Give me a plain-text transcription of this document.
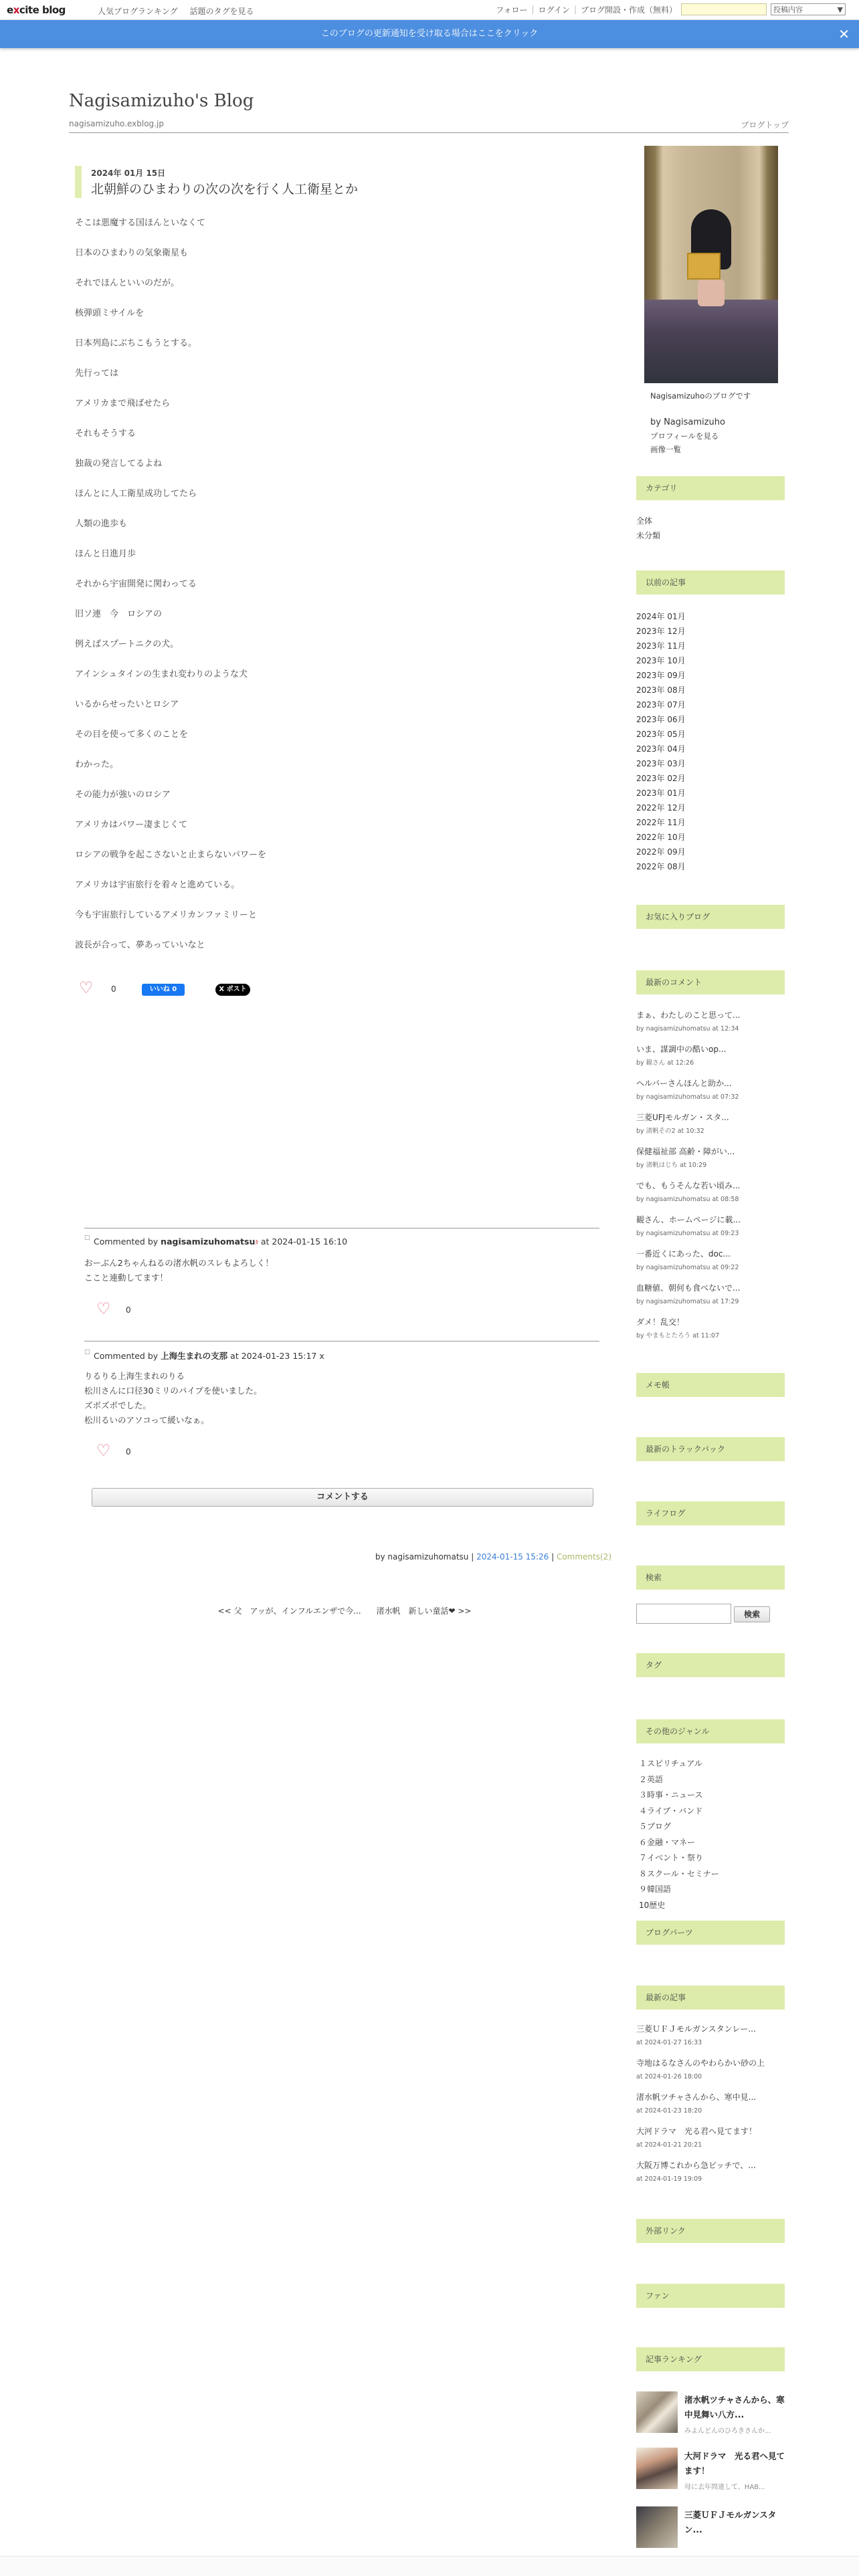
excite blog	人気ブログランキング 話題のタグを見る	フォロー | ログイン | ブログ開設・作成（無料）	投稿内容	▼
このブログの更新通知を受け取る場合はここをクリック	✕
Nagisamizuho's Blog
nagisamizuho.exblog.jp	ブログトップ
2024年 01月 15日
北朝鮮のひまわりの次の次を行く人工衛星とか

そこは悪魔する国ほんといなくて

日本のひまわりの気象衛星も

それでほんといいのだが。

核弾頭ミサイルを

日本列島にぶちこもうとする。

先行っては

アメリカまで飛ばせたら

それもそうする

独裁の発言してるよね

ほんとに人工衛星成功してたら

人類の進歩も

ほんと日進月歩

それから宇宙開発に関わってる

旧ソ連　今　ロシアの

例えばスプートニクの犬。

アインシュタインの生まれ変わりのような犬

いるからせったいとロシア

その目を使って多くのことを

わかった。

その能力が強いのロシア

アメリカはパワー凄まじくて

ロシアの戦争を起こさないと止まらないパワーを

アメリカは宇宙旅行を着々と進めている。

今も宇宙旅行しているアメリカンファミリーと

波長が合って、夢あっていいなと

♡ 0	いいね 0	X ポスト
□ Commented by nagisamizuhomatsuﾀ at 2024-01-15 16:10
おーぶん2ちゃんねるの渚水帆のスレもよろしく！
ここと連動してます！
♡ 0
□ Commented by 上海生まれの支那 at 2024-01-23 15:17 x
りるりる上海生まれのりる
松川さんに口径30ミリのパイプを使いました。
ズボズボでした。
松川るいのアソコって緩いなぁ。
♡ 0
コメントする
by nagisamizuhomatsu | 2024-01-15 15:26 | Comments(2)
<< 父　アッが、インフルエンザで今... 渚水帆　新しい童話❤ >>
Nagisamizuhoのブログです
by Nagisamizuho
プロフィールを見る
画像一覧
カテゴリ
全体
未分類
以前の記事
2024年 01月
2023年 12月
2023年 11月
2023年 10月
2023年 09月
2023年 08月
2023年 07月
2023年 06月
2023年 05月
2023年 04月
2023年 03月
2023年 02月
2023年 01月
2022年 12月
2022年 11月
2022年 10月
2022年 09月
2022年 08月
お気に入りブログ
最新のコメント
まぁ、わたしのこと思って...
by nagisamizuhomatsu at 12:34
いま、謀調中の酷いop...
by 観さん at 12:26
ヘルパーさんほんと助か...
by nagisamizuhomatsu at 07:32
三菱UFJモルガン・スタ...
by 渚帆その2 at 10:32
保健福祉部 高齢・障がい...
by 渚帆はじち at 10:29
でも、もうそんな若い頃み...
by nagisamizuhomatsu at 08:58
観さん、ホームページに載...
by nagisamizuhomatsu at 09:23
一番近くにあった、doc...
by nagisamizuhomatsu at 09:22
血糖値、朝何も食べないで...
by nagisamizuhomatsu at 17:29
ダメ！乱交！
by やまもとたろう at 11:07
メモ帳
最新のトラックバック
ライフログ
検索
検索
タグ
その他のジャンル
１スピリチュアル
２英語
３時事・ニュース
４ライブ・バンド
５ブログ
６金融・マネー
７イベント・祭り
８スクール・セミナー
９韓国語
10歴史
ブログパーツ
最新の記事
三菱ＵＦＪモルガンスタンレー...
at 2024-01-27 16:33
寺地はるなさんのやわらかい砂の上
at 2024-01-26 18:00
渚水帆ツチャさんから、寒中見...
at 2024-01-23 18:20
大河ドラマ　光る君へ見てます！
at 2024-01-21 20:21
大阪万博これから急ピッチで、...
at 2024-01-19 19:09
外部リンク
ファン
記事ランキング
渚水帆ツチャさんから、寒中見舞い八方...
みよんどんのひろきさんか...
大河ドラマ　光る君へ見てます！
母に去年問違して、HAB...
三菱ＵＦＪモルガンスタン...
